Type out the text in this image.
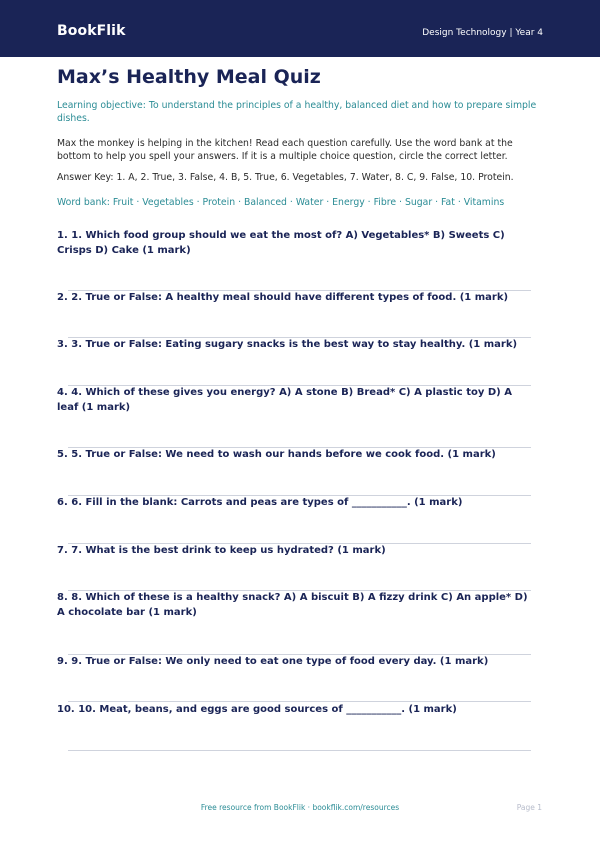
BookFlik	Design Technology | Year 4
Max’s Healthy Meal Quiz
Learning objective: To understand the principles of a healthy, balanced diet and how to prepare simple dishes.
Max the monkey is helping in the kitchen! Read each question carefully. Use the word bank at the bottom to help you spell your answers. If it is a multiple choice question, circle the correct letter.
Answer Key: 1. A, 2. True, 3. False, 4. B, 5. True, 6. Vegetables, 7. Water, 8. C, 9. False, 10. Protein.
Word bank: Fruit · Vegetables · Protein · Balanced · Water · Energy · Fibre · Sugar · Fat · Vitamins
1. 1. Which food group should we eat the most of? A) Vegetables* B) Sweets C) Crisps D) Cake (1 mark)
2. 2. True or False: A healthy meal should have different types of food. (1 mark)
3. 3. True or False: Eating sugary snacks is the best way to stay healthy. (1 mark)
4. 4. Which of these gives you energy? A) A stone B) Bread* C) A plastic toy D) A leaf (1 mark)
5. 5. True or False: We need to wash our hands before we cook food. (1 mark)
6. 6. Fill in the blank: Carrots and peas are types of ___________. (1 mark)
7. 7. What is the best drink to keep us hydrated? (1 mark)
8. 8. Which of these is a healthy snack? A) A biscuit B) A fizzy drink C) An apple* D) A chocolate bar (1 mark)
9. 9. True or False: We only need to eat one type of food every day. (1 mark)
10. 10. Meat, beans, and eggs are good sources of ___________. (1 mark)
Free resource from BookFlik · bookflik.com/resources	Page 1
